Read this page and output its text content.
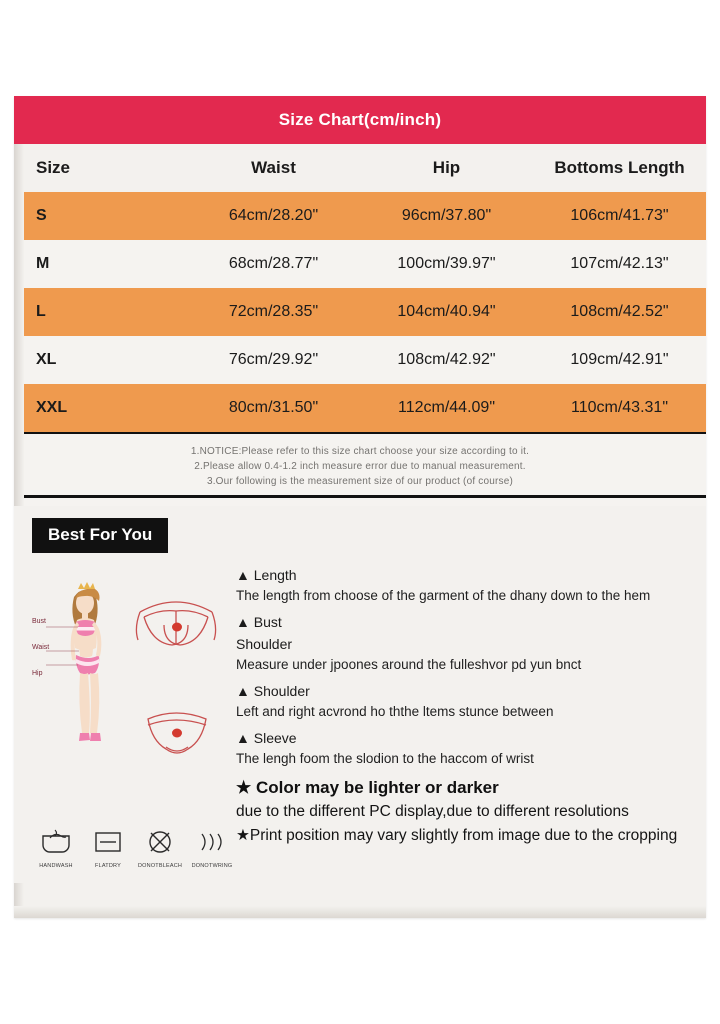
Size Chart(cm/inch)
Size	Waist	Hip	Bottoms Length
S	64cm/28.20"	96cm/37.80"	106cm/41.73"
M	68cm/28.77"	100cm/39.97"	107cm/42.13"
L	72cm/28.35"	104cm/40.94"	108cm/42.52"
XL	76cm/29.92"	108cm/42.92"	109cm/42.91"
XXL	80cm/31.50"	112cm/44.09"	110cm/43.31"
1.NOTICE:Please refer to this size chart choose your size according to it.
2.Please allow 0.4-1.2 inch measure error due to manual measurement.
3.Our following is the measurement size of our product (of course)
Best For You
Bust
Waist
Hip
▲ Length
The length from choose of the garment of the dhany down to the hem
▲ Bust
Shoulder
Measure under jpoones around the fulleshvor pd yun bnct
▲ Shoulder
Left and right acvrond ho ththe ltems stunce between
▲ Sleeve
The lengh foom the slodion to the haccom of wrist
★ Color may be lighter or darker
due to the different PC display,due to different resolutions
★Print position may vary slightly from image due to the cropping
HANDWASH	FLATDRY	DONOTBLEACH DONOTWRING
